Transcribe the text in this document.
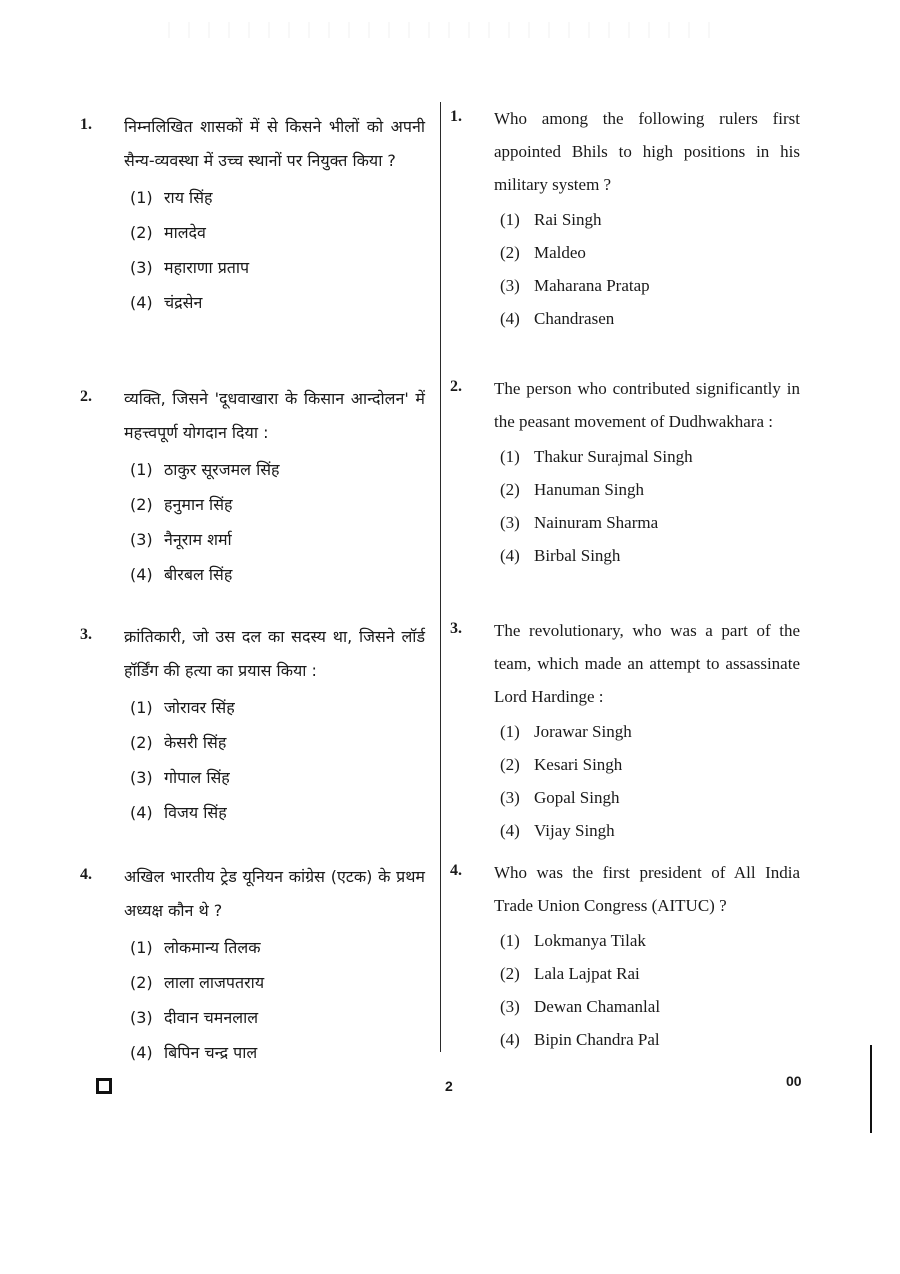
1. निम्नलिखित शासकों में से किसने भीलों को अपनी सैन्य-व्यवस्था में उच्च स्थानों पर नियुक्त किया ?
(1) राय सिंह
(2) मालदेव
(3) महाराणा प्रताप
(4) चंद्रसेन
2. व्यक्ति, जिसने 'दूधवाखारा के किसान आन्दोलन' में महत्त्वपूर्ण योगदान दिया :
(1) ठाकुर सूरजमल सिंह
(2) हनुमान सिंह
(3) नैनूराम शर्मा
(4) बीरबल सिंह
3. क्रांतिकारी, जो उस दल का सदस्य था, जिसने लॉर्ड हॉर्डिंग की हत्या का प्रयास किया :
(1) जोरावर सिंह
(2) केसरी सिंह
(3) गोपाल सिंह
(4) विजय सिंह
4. अखिल भारतीय ट्रेड यूनियन कांग्रेस (एटक) के प्रथम अध्यक्ष कौन थे ?
(1) लोकमान्य तिलक
(2) लाला लाजपतराय
(3) दीवान चमनलाल
(4) बिपिन चन्द्र पाल
1. Who among the following rulers first appointed Bhils to high positions in his military system ?
(1) Rai Singh
(2) Maldeo
(3) Maharana Pratap
(4) Chandrasen
2. The person who contributed significantly in the peasant movement of Dudhwakhara :
(1) Thakur Surajmal Singh
(2) Hanuman Singh
(3) Nainuram Sharma
(4) Birbal Singh
3. The revolutionary, who was a part of the team, which made an attempt to assassinate Lord Hardinge :
(1) Jorawar Singh
(2) Kesari Singh
(3) Gopal Singh
(4) Vijay Singh
4. Who was the first president of All India Trade Union Congress (AITUC) ?
(1) Lokmanya Tilak
(2) Lala Lajpat Rai
(3) Dewan Chamanlal
(4) Bipin Chandra Pal
2	00
